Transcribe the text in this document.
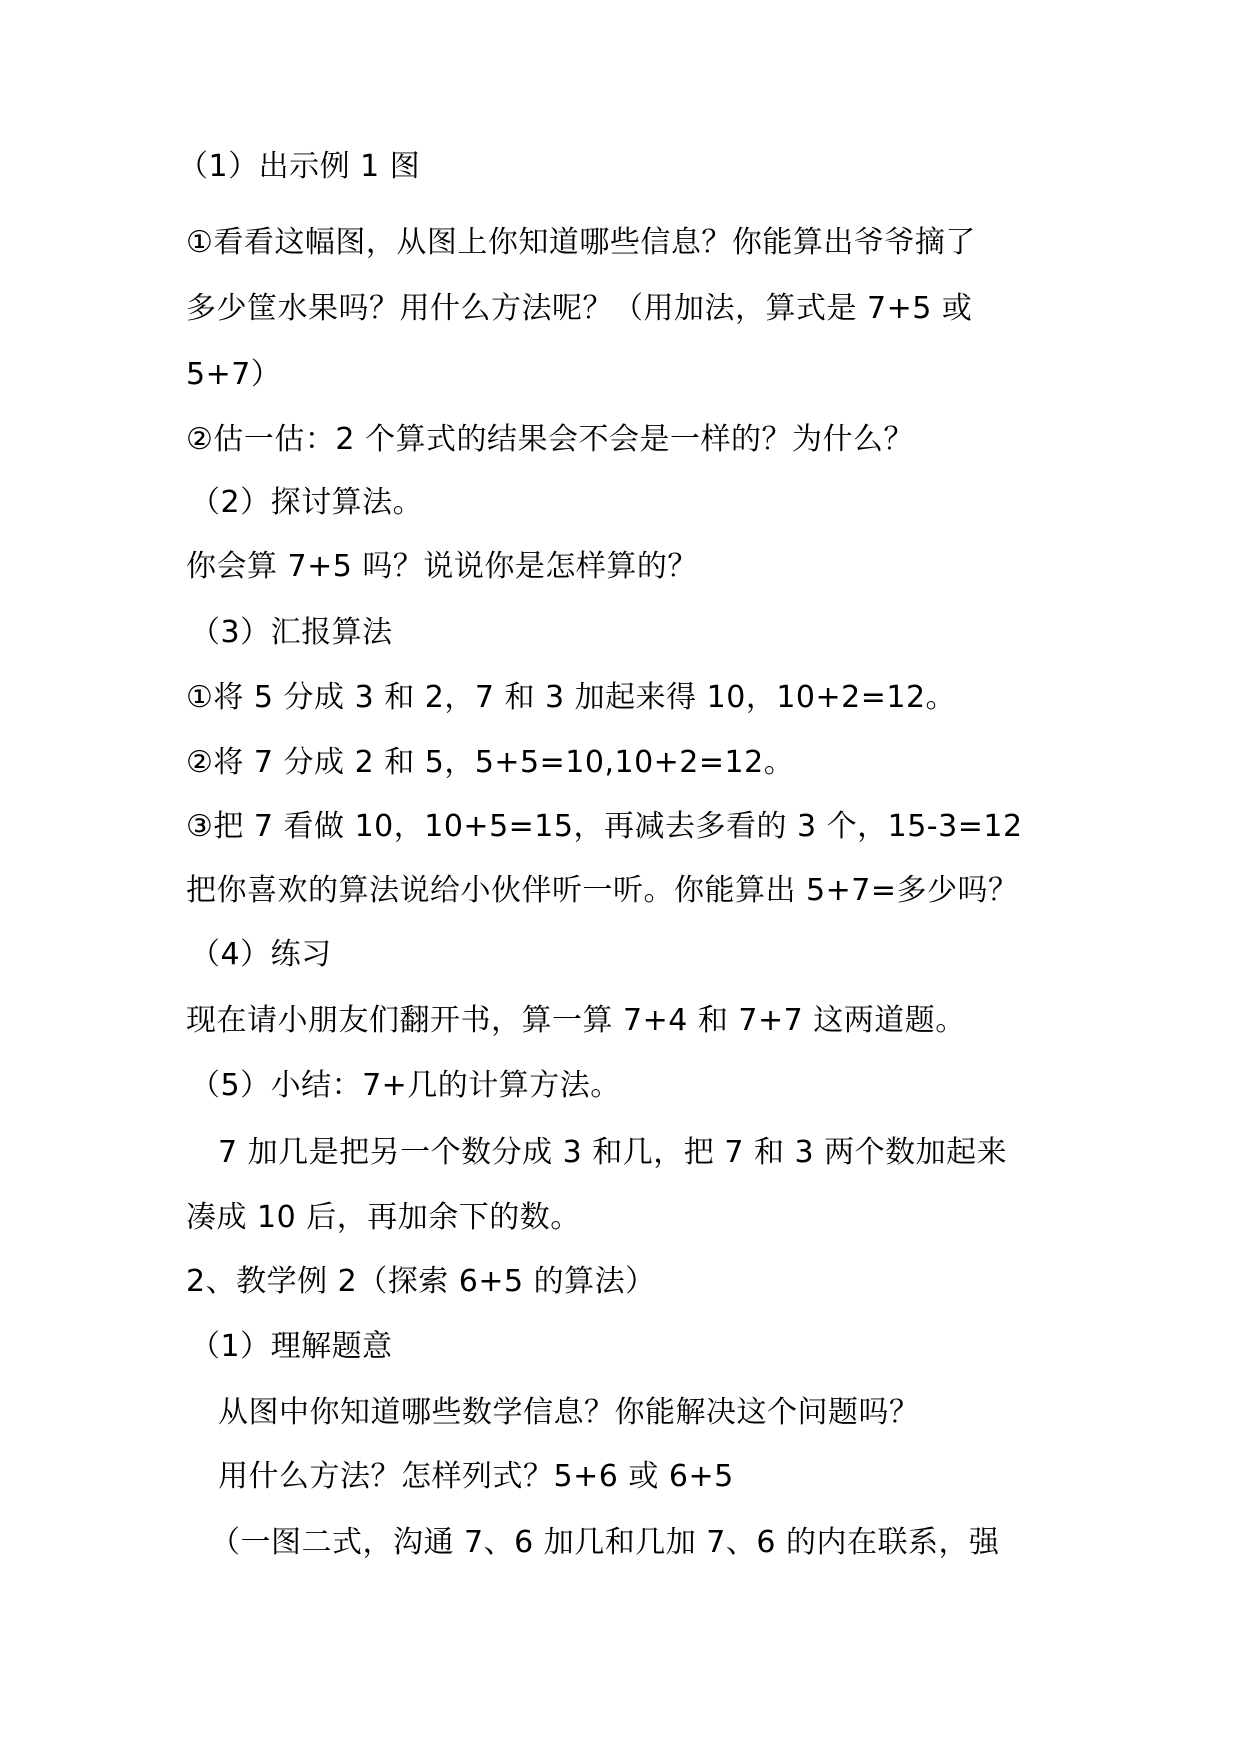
（1）出示例 1 图
①看看这幅图，从图上你知道哪些信息？你能算出爷爷摘了
多少筐水果吗？用什么方法呢？（用加法，算式是 7+5 或
5+7）
②估一估：2 个算式的结果会不会是一样的？为什么？
（2）探讨算法。
你会算 7+5 吗？说说你是怎样算的？
（3）汇报算法
①将 5 分成 3 和 2，7 和 3 加起来得 10，10+2=12。
②将 7 分成 2 和 5，5+5=10,10+2=12。
③把 7 看做 10，10+5=15，再减去多看的 3 个，15-3=12
把你喜欢的算法说给小伙伴听一听。你能算出 5+7=多少吗？
（4）练习
现在请小朋友们翻开书，算一算 7+4 和 7+7 这两道题。
（5）小结：7+几的计算方法。
7 加几是把另一个数分成 3 和几，把 7 和 3 两个数加起来
凑成 10 后，再加余下的数。
2、教学例 2（探索 6+5 的算法）
（1）理解题意
从图中你知道哪些数学信息？你能解决这个问题吗？
用什么方法？怎样列式？5+6 或 6+5
（一图二式，沟通 7、6 加几和几加 7、6 的内在联系，强
